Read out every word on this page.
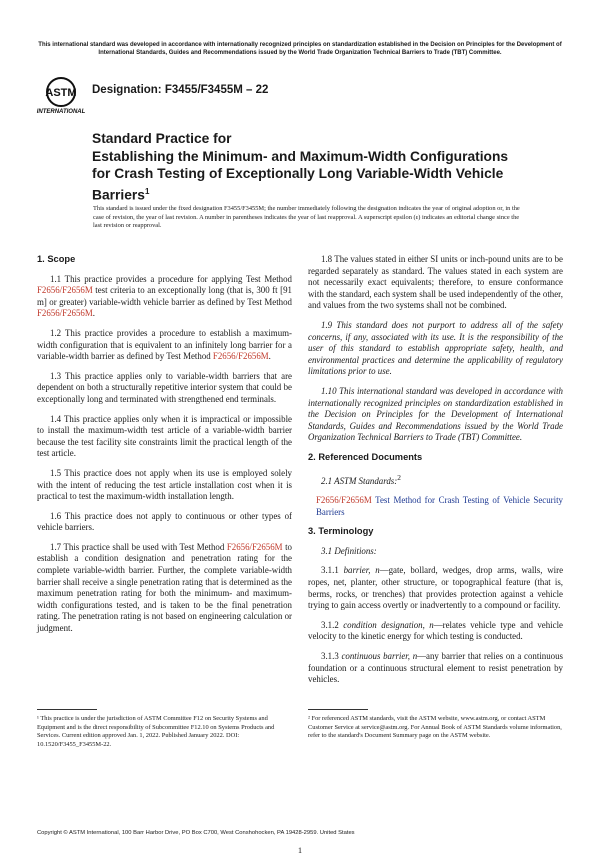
This international standard was developed in accordance with internationally recognized principles on standardization established in the Decision on Principles for the Development of International Standards, Guides and Recommendations issued by the World Trade Organization Technical Barriers to Trade (TBT) Committee.
ASTM
INTERNATIONAL
Designation: F3455/F3455M – 22
Standard Practice for
Establishing the Minimum- and Maximum-Width Configurations for Crash Testing of Exceptionally Long Variable-Width Vehicle Barriers$^1$
This standard is issued under the fixed designation F3455/F3455M; the number immediately following the designation indicates the year of original adoption or, in the case of revision, the year of last revision. A number in parentheses indicates the year of last reapproval. A superscript epsilon (ε) indicates an editorial change since the last revision or reapproval.
1. Scope

1.1 This practice provides a procedure for applying Test Method F2656/F2656M test criteria to an exceptionally long (that is, 300 ft [91 m] or greater) variable-width vehicle barrier as defined by Test Method F2656/F2656M.

1.2 This practice provides a procedure to establish a maximum-width configuration that is equivalent to an infinitely long barrier for a variable-width barrier as defined by Test Method F2656/F2656M.

1.3 This practice applies only to variable-width barriers that are dependent on both a structurally repetitive interior system that could be exceptionally long and terminated with strengthened end terminals.

1.4 This practice applies only when it is impractical or impossible to install the maximum-width test article of a variable-width barrier because the test facility site constraints limit the practical length of the test article.

1.5 This practice does not apply when its use is employed solely with the intent of reducing the test article installation cost when it is practical to test the maximum-width installation length.

1.6 This practice does not apply to continuous or other types of vehicle barriers.

1.7 This practice shall be used with Test Method F2656/F2656M to establish a condition designation and penetration rating for the complete variable-width barrier. Further, the complete variable-width barrier shall receive a single penetration rating that is determined as the maximum penetration rating for both the minimum- and maximum-width configurations tested, and is taken to be the final penetration rating. The penetration rating is not based on engineering calculation or judgment.

1.8 The values stated in either SI units or inch-pound units are to be regarded separately as standard. The values stated in each system are not necessarily exact equivalents; therefore, to ensure conformance with the standard, each system shall be used independently of the other, and values from the two systems shall not be combined.

1.9 This standard does not purport to address all of the safety concerns, if any, associated with its use. It is the responsibility of the user of this standard to establish appropriate safety, health, and environmental practices and determine the applicability of regulatory limitations prior to use.

1.10 This international standard was developed in accordance with internationally recognized principles on standardization established in the Decision on Principles for the Development of International Standards, Guides and Recommendations issued by the World Trade Organization Technical Barriers to Trade (TBT) Committee.

2. Referenced Documents

2.1 ASTM Standards:$^2$

F2656/F2656M Test Method for Crash Testing of Vehicle Security Barriers

3. Terminology

3.1 Definitions:

3.1.1 barrier, n—gate, bollard, wedges, drop arms, walls, wire ropes, net, planter, other structure, or topographical feature (that is, berms, rocks, or trenches) that provides protection against a vehicle trying to gain access overtly or inadvertently to a compound or facility.

3.1.2 condition designation, n—relates vehicle type and vehicle velocity to the kinetic energy for which testing is conducted.

3.1.3 continuous barrier, n—any barrier that relies on a continuous foundation or a continuous structural element to resist penetration by vehicles.

¹ This practice is under the jurisdiction of ASTM Committee F12 on Security Systems and Equipment and is the direct responsibility of Subcommittee F12.10 on Systems Products and Services. Current edition approved Jan. 1, 2022. Published January 2022. DOI: 10.1520/F3455_F3455M-22.
² For referenced ASTM standards, visit the ASTM website, www.astm.org, or contact ASTM Customer Service at service@astm.org. For Annual Book of ASTM Standards volume information, refer to the standard's Document Summary page on the ASTM website.
Copyright © ASTM International, 100 Barr Harbor Drive, PO Box C700, West Conshohocken, PA 19428-2959. United States
1
